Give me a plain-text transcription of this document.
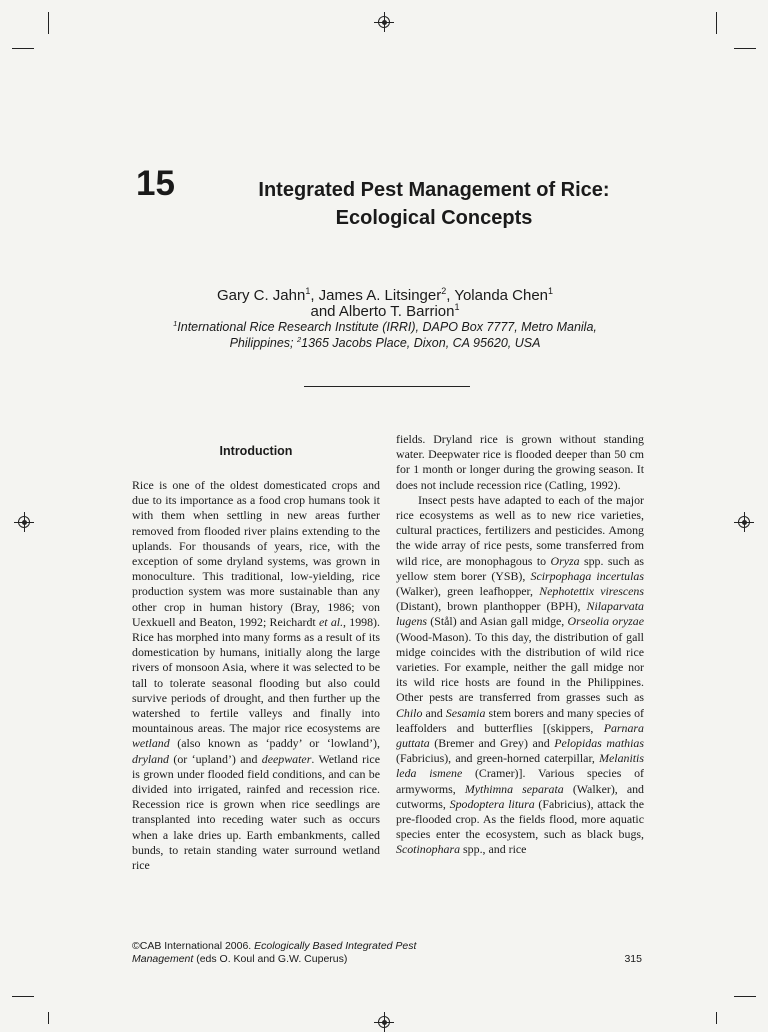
15	Integrated Pest Management of Rice:
Ecological Concepts
Gary C. Jahn$^1$, James A. Litsinger$^2$, Yolanda Chen$^1$
and Alberto T. Barrion$^1$
$^1$International Rice Research Institute (IRRI), DAPO Box 7777, Metro Manila,
Philippines; $^2$1365 Jacobs Place, Dixon, CA 95620, USA
Introduction

Rice is one of the oldest domesticated crops and due to its importance as a food crop humans took it with them when settling in new areas further removed from flooded river plains extending to the uplands. For thousands of years, rice, with the exception of some dryland systems, was grown in monoculture. This traditional, low-yielding, rice production system was more sustainable than any other crop in human history (Bray, 1986; von Uexkuell and Beaton, 1992; Reichardt et al., 1998). Rice has morphed into many forms as a result of its domestication by humans, initially along the large rivers of monsoon Asia, where it was selected to be tall to tolerate seasonal flooding but also could survive periods of drought, and then further up the watershed to fertile valleys and finally into mountainous areas. The major rice ecosystems are wetland (also known as ‘paddy’ or ‘lowland’), dryland (or ‘upland’) and deepwater. Wetland rice is grown under flooded field conditions, and can be divided into irrigated, rainfed and recession rice. Recession rice is grown when rice seedlings are transplanted into receding water such as occurs when a lake dries up. Earth embankments, called bunds, to retain standing water surround wetland rice

fields. Dryland rice is grown without standing water. Deepwater rice is flooded deeper than 50 cm for 1 month or longer during the growing season. It does not include recession rice (Catling, 1992).

Insect pests have adapted to each of the major rice ecosystems as well as to new rice varieties, cultural practices, fertilizers and pesticides. Among the wide array of rice pests, some transferred from wild rice, are monophagous to Oryza spp. such as yellow stem borer (YSB), Scirpophaga incertulas (Walker), green leafhopper, Nephotettix virescens (Distant), brown planthopper (BPH), Nilaparvata lugens (Stål) and Asian gall midge, Orseolia oryzae (Wood-Mason). To this day, the distribution of gall midge coincides with the distribution of wild rice varieties. For example, neither the gall midge nor its wild rice hosts are found in the Philippines. Other pests are transferred from grasses such as Chilo and Sesamia stem borers and many species of leaffolders and butterflies [(skippers, Parnara guttata (Bremer and Grey) and Pelopidas mathias (Fabricius), and green-horned caterpillar, Melanitis leda ismene (Cramer)]. Various species of armyworms, Mythimna separata (Walker), and cutworms, Spodoptera litura (Fabricius), attack the pre-flooded crop. As the fields flood, more aquatic species enter the ecosystem, such as black bugs, Scotinophara spp., and rice

©CAB International 2006. Ecologically Based Integrated Pest Management (eds O. Koul and G.W. Cuperus)	315
